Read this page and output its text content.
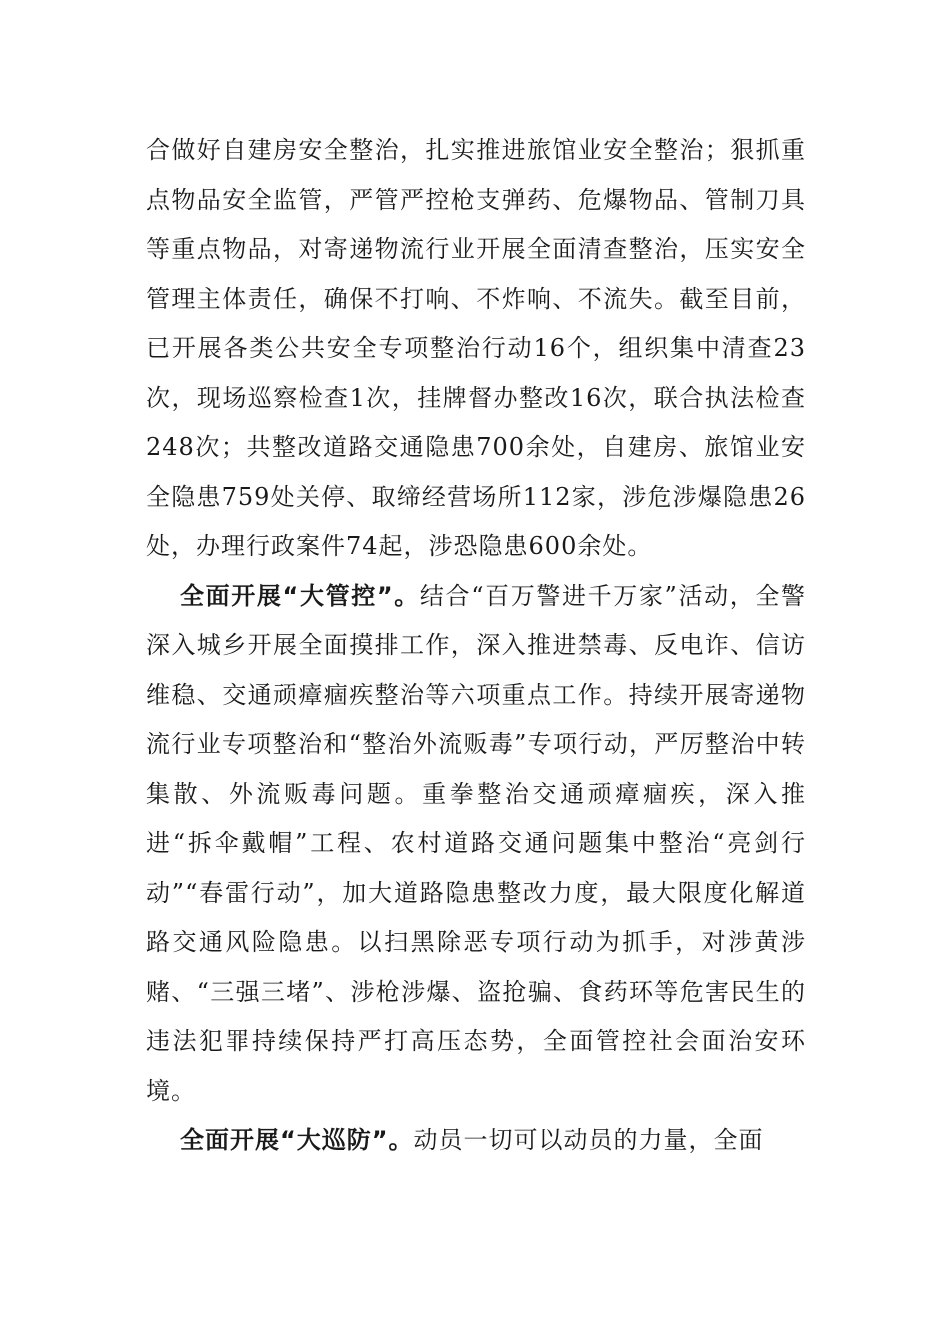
合做好自建房安全整治，扎实推进旅馆业安全整治；狠抓重点物品安全监管，严管严控枪支弹药、危爆物品、管制刀具等重点物品，对寄递物流行业开展全面清查整治，压实安全管理主体责任，确保不打响、不炸响、不流失。截至目前，已开展各类公共安全专项整治行动16个，组织集中清查23次，现场巡察检查1次，挂牌督办整改16次，联合执法检查248次；共整改道路交通隐患700余处，自建房、旅馆业安全隐患759处关停、取缔经营场所112家，涉危涉爆隐患26处，办理行政案件74起，涉恐隐患600余处。

全面开展“大管控”。结合“百万警进千万家”活动，全警深入城乡开展全面摸排工作，深入推进禁毒、反电诈、信访维稳、交通顽瘴痼疾整治等六项重点工作。持续开展寄递物流行业专项整治和“整治外流贩毒”专项行动，严厉整治中转集散、外流贩毒问题。重拳整治交通顽瘴痼疾，深入推进“拆伞戴帽”工程、农村道路交通问题集中整治“亮剑行动”“春雷行动”，加大道路隐患整改力度，最大限度化解道路交通风险隐患。以扫黑除恶专项行动为抓手，对涉黄涉赌、“三强三堵”、涉枪涉爆、盗抢骗、食药环等危害民生的违法犯罪持续保持严打高压态势，全面管控社会面治安环境。

全面开展“大巡防”。动员一切可以动员的力量，全面
